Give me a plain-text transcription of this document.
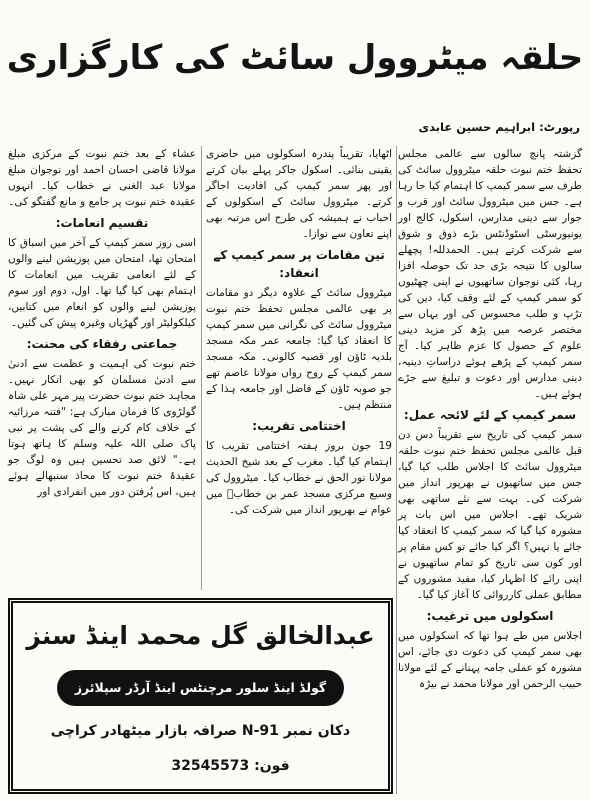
حلقہ میٹروول سائٹ کی کارگزاری
رپورٹ: ابراہیم حسین عابدی

گزشتہ پانچ سالوں سے عالمی مجلس تحفظ ختم نبوت حلقہ میٹروول سائٹ کی طرف سے سمر کیمپ کا اہتمام کیا جا رہا ہے۔ جس میں میٹروول سائٹ اور قرب و جوار سے دینی مدارس، اسکول، کالج اور یونیورسٹی اسٹوڈنٹس بڑے ذوق و شوق سے شرکت کرتے ہیں۔ الحمدللہ! پچھلے سالوں کا نتیجہ بڑی حد تک حوصلہ افزا رہا، کئی نوجوان ساتھیوں نے اپنی چھٹیوں کو سمر کیمپ کے لئے وقف کیا، دین کی تڑپ و طلب محسوس کی اور یہاں سے مختصر عرصہ میں پڑھ کر مزید دینی علوم کے حصول کا عزم ظاہر کیا۔ آج سمر کیمپ کے پڑھے ہوئے دراساتِ دینیہ، دینی مدارس اور دعوت و تبلیغ سے جڑے ہوئے ہیں۔

سمر کیمپ کے لئے لائحہ عمل:

سمر کیمپ کی تاریخ سے تقریباً دس دن قبل عالمی مجلس تحفظ ختم نبوت حلقہ میٹروول سائٹ کا اجلاس طلب کیا گیا، جس میں ساتھیوں نے بھرپور انداز میں شرکت کی۔ بہت سے نئے ساتھی بھی شریک تھے۔ اجلاس میں اس بات پر مشورہ کیا گیا کہ سمر کیمپ کا انعقاد کیا جائے یا نہیں؟ اگر کیا جائے تو کس مقام پر اور کون سی تاریخ کو تمام ساتھیوں نے اپنی رائے کا اظہار کیا، مفید مشوروں کے مطابق عملی کارروائی کا آغاز کیا گیا۔

اسکولوں میں ترغیب:

اجلاس میں طے ہوا تھا کہ اسکولوں میں بھی سمر کیمپ کی دعوت دی جائے، اس مشورہ کو عملی جامہ پہنانے کے لئے مولانا حبیب الرحمن اور مولانا محمد نے بیڑہ

اٹھایا، تقریباً پندرہ اسکولوں میں حاضری یقینی بنائی۔ اسکول جاکر پہلے بیان کرتے اور پھر سمر کیمپ کی افادیت اجاگر کرتے۔ میٹروول سائٹ کے اسکولوں کے احباب نے ہمیشہ کی طرح اس مرتبہ بھی اپنے تعاون سے نوازا۔

تین مقامات پر سمر کیمپ کے انعقاد:

میٹروول سائٹ کے علاوہ دیگر دو مقامات پر بھی عالمی مجلس تحفظ ختم نبوت میٹروول سائٹ کی نگرانی میں سمر کیمپ کا انعقاد کیا گیا: جامعہ عمر مکہ مسجد بلدیہ ٹاؤن اور قصبہ کالونی۔ مکہ مسجد سمر کیمپ کے روح رواں مولانا عاصم تھے جو صوبہ ٹاؤن کے فاضل اور جامعہ ہذا کے منتظم ہیں۔

اختتامی تقریب:

19 جون بروز ہفتہ اختتامی تقریب کا اہتمام کیا گیا۔ مغرب کے بعد شیخ الحدیث مولانا نور الحق نے خطاب کیا۔ میٹروول کی وسیع مرکزی مسجد عمر بن خطابؓ میں عوام نے بھرپور انداز میں شرکت کی۔

عشاء کے بعد ختم نبوت کے مرکزی مبلغ مولانا قاضی احسان احمد اور نوجوان مبلغ مولانا عبد الغنی نے خطاب کیا۔ انہوں عقیدہ ختم نبوت پر جامع و مانع گفتگو کی۔

تقسیم انعامات:

اسی روز سمر کیمپ کے آخر میں اسباق کا امتحان تھا، امتحان میں پوزیشن لینے والوں کے لئے انعامی تقریب میں انعامات کا اہتمام بھی کیا گیا تھا۔ اول، دوم اور سوم پوزیشن لینے والوں کو انعام میں کتابیں، کیلکولیٹر اور گھڑیاں وغیرہ پیش کی گئیں۔

جماعتی رفقاء کی محنت:

ختم نبوت کی اہمیت و عظمت سے ادنیٰ سے ادنیٰ مسلمان کو بھی انکار نہیں۔ مجاہد ختم نبوت حضرت پیر مہر علی شاہ گولڑوی کا فرمان مبارک ہے: "فتنہ مرزائیہ کے خلاف کام کرنے والے کی پشت پر نبی پاک صلی اللہ علیہ وسلم کا ہاتھ ہوتا ہے۔" لائق صد تحسین ہیں وہ لوگ جو عقیدۂ ختم نبوت کا محاذ سنبھالے ہوئے ہیں، اس پُرفتن دور میں انفرادی اور

عبدالخالق گل محمد اینڈ سنز
گولڈ اینڈ سلور مرچنٹس اینڈ آرڈر سپلائرز
دکان نمبر N-91 صرافہ بازار میٹھادر کراچی
فون: 32545573
